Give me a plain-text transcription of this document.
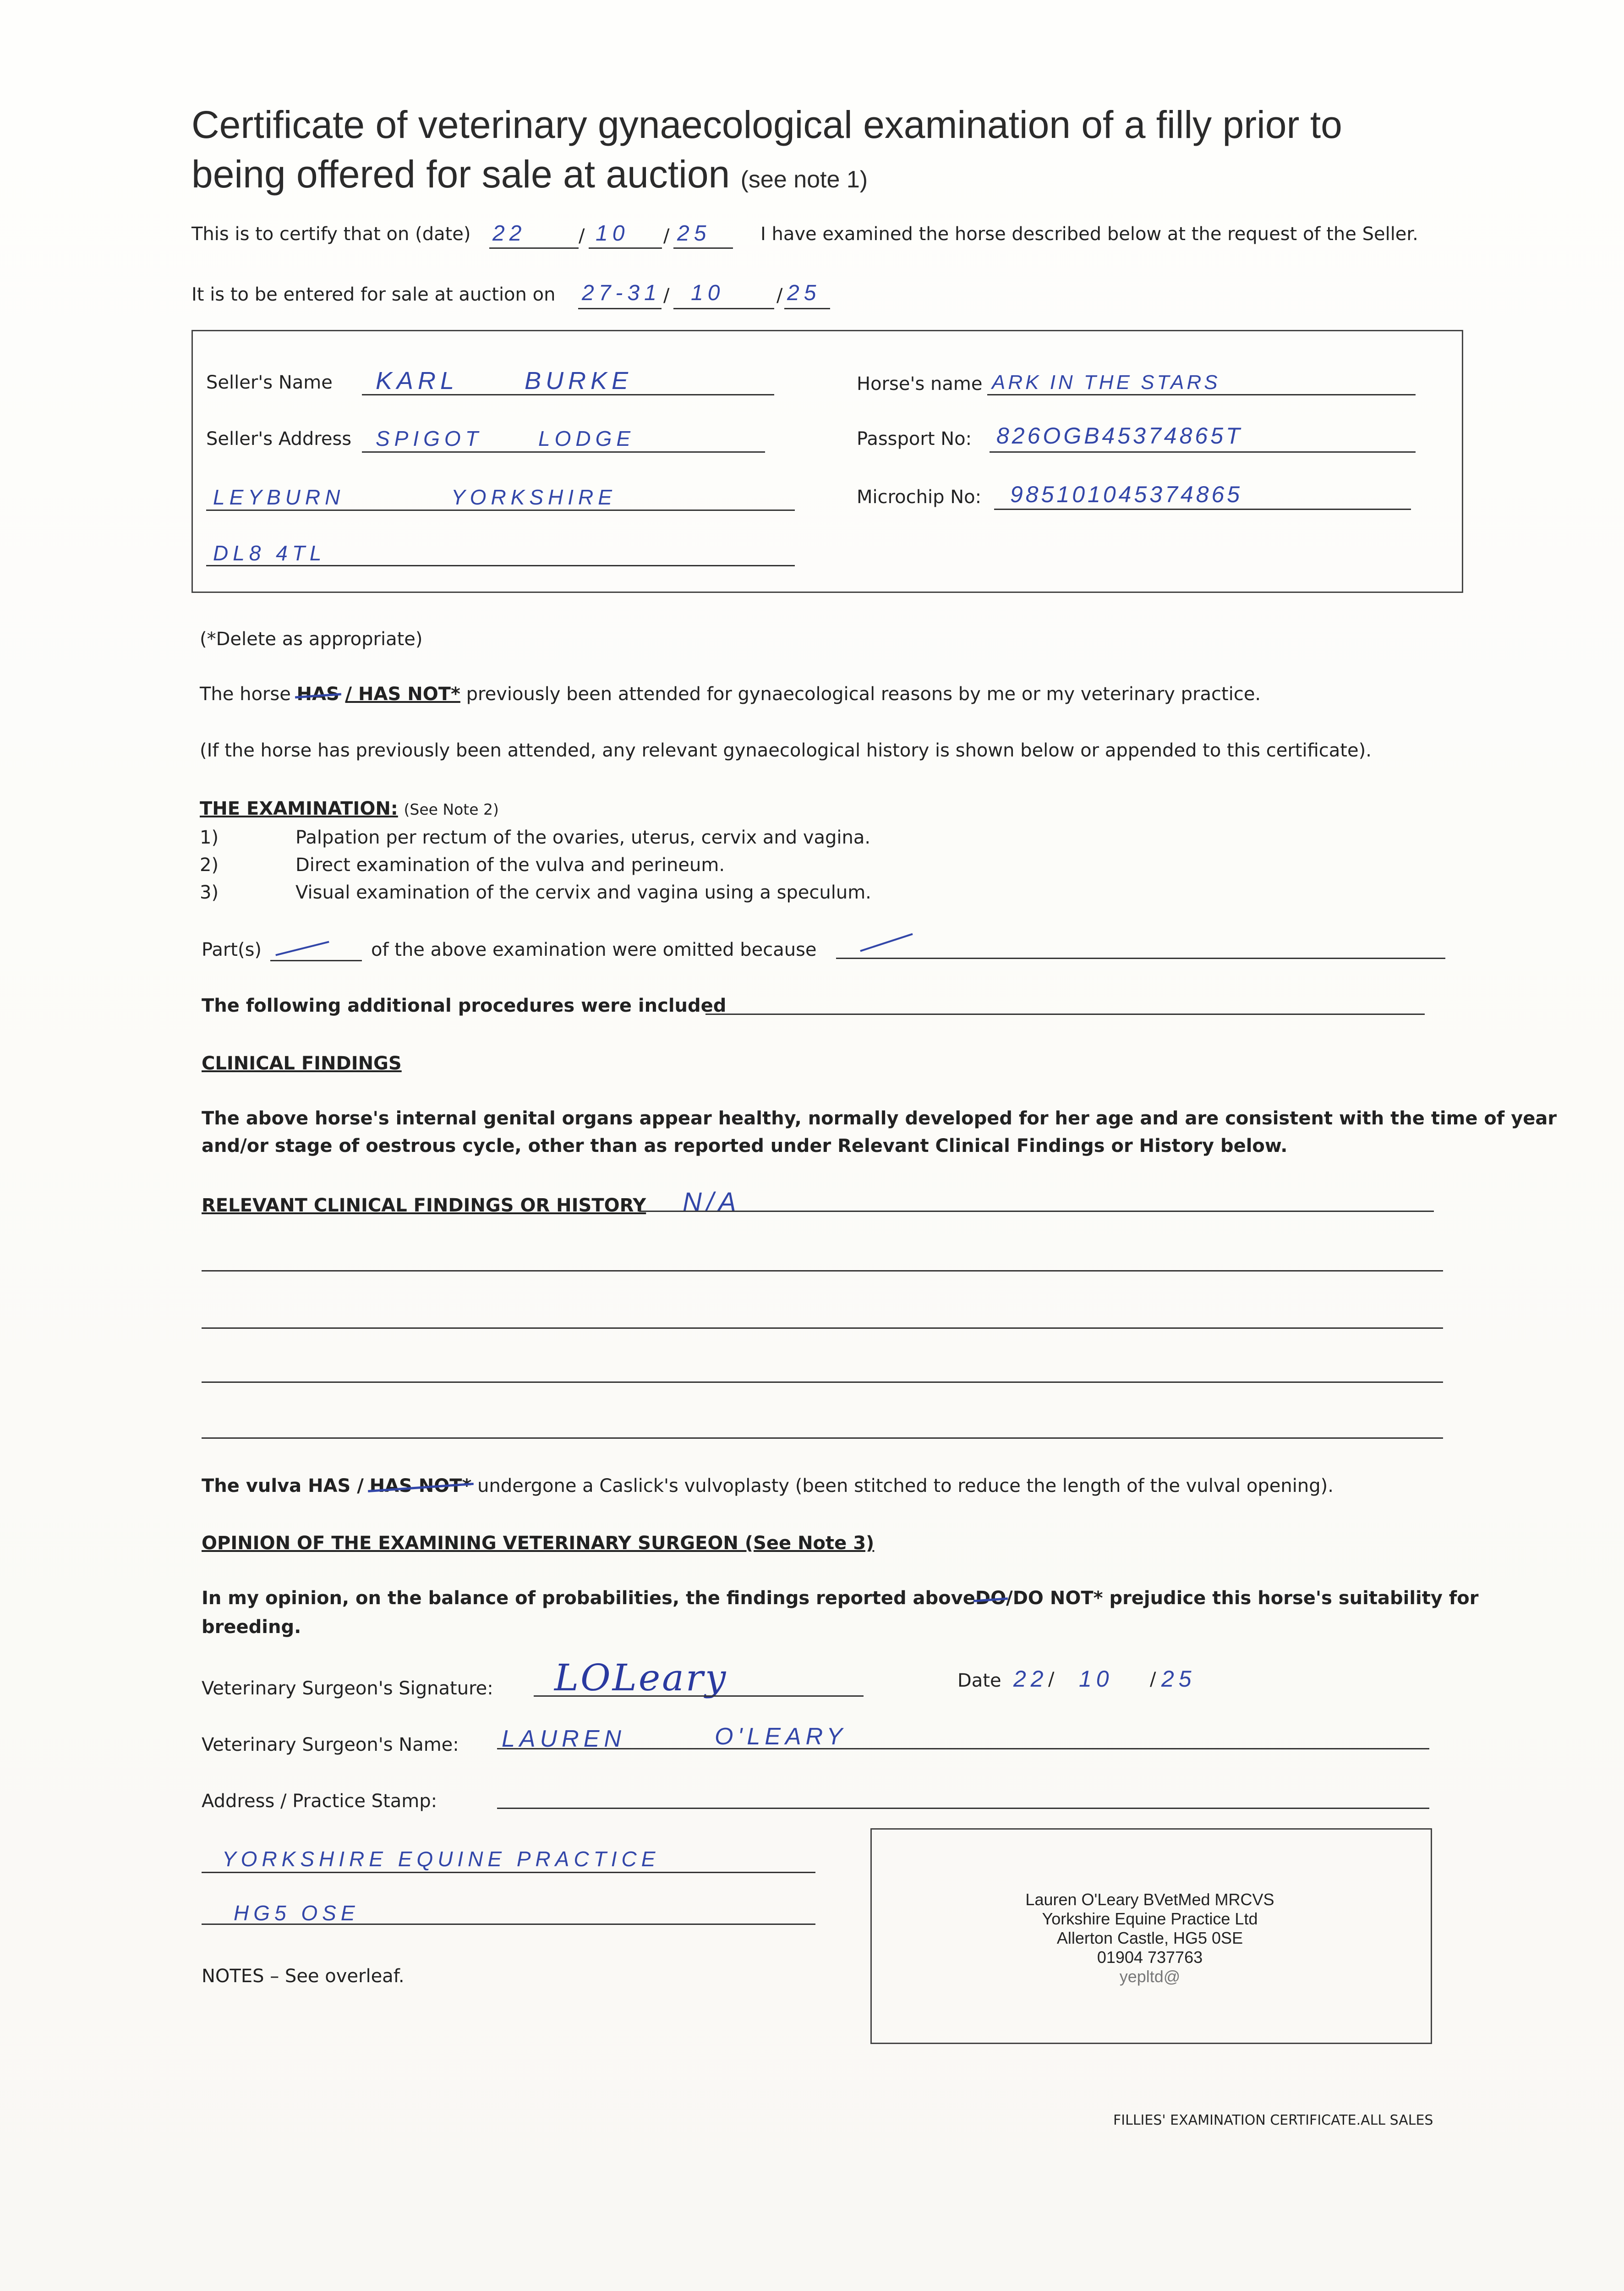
Certificate of veterinary gynaecological examination of a filly prior to
being offered for sale at auction (see note 1)
This is to certify that on (date) 22	/ 10 / 25	I have examined the horse described below at the request of the Seller.
It is to be entered for sale at auction on 27-31 / 10	/ 25
Seller's Name KARL	BURKE
Seller's Address SPIGOT	LODGE
LEYBURN	YORKSHIRE
DL8 4TL
Horse's name ARK IN THE STARS
Passport No: 826OGB45374865T
Microchip No: 985101045374865
(*Delete as appropriate)
The horse HAS / HAS NOT* previously been attended for gynaecological reasons by me or my veterinary practice.
(If the horse has previously been attended, any relevant gynaecological history is shown below or appended to this certificate).
THE EXAMINATION: (See Note 2)
1)	Palpation per rectum of the ovaries, uterus, cervix and vagina.
2)	Direct examination of the vulva and perineum.
3)	Visual examination of the cervix and vagina using a speculum.
Part(s)	of the above examination were omitted because
The following additional procedures were included
CLINICAL FINDINGS
The above horse's internal genital organs appear healthy, normally developed for her age and are consistent with the time of year
and/or stage of oestrous cycle, other than as reported under Relevant Clinical Findings or History below.
RELEVANT CLINICAL FINDINGS OR HISTORY N/A
The vulva HAS / HAS NOT* undergone a Caslick's vulvoplasty (been stitched to reduce the length of the vulval opening).
OPINION OF THE EXAMINING VETERINARY SURGEON (See Note 3)
In my opinion, on the balance of probabilities, the findings reported aboveDO/DO NOT* prejudice this horse's suitability for
breeding.
Veterinary Surgeon's Signature: LOLeary	Date 22 / 10 / 25
Veterinary Surgeon's Name: LAUREN	O'LEARY
Address / Practice Stamp:
YORKSHIRE EQUINE PRACTICE
HG5 OSE
Lauren O'Leary BVetMed MRCVS
Yorkshire Equine Practice Ltd
Allerton Castle, HG5 0SE
01904 737763
yepltd@
NOTES – See overleaf.
FILLIES' EXAMINATION CERTIFICATE.ALL SALES
